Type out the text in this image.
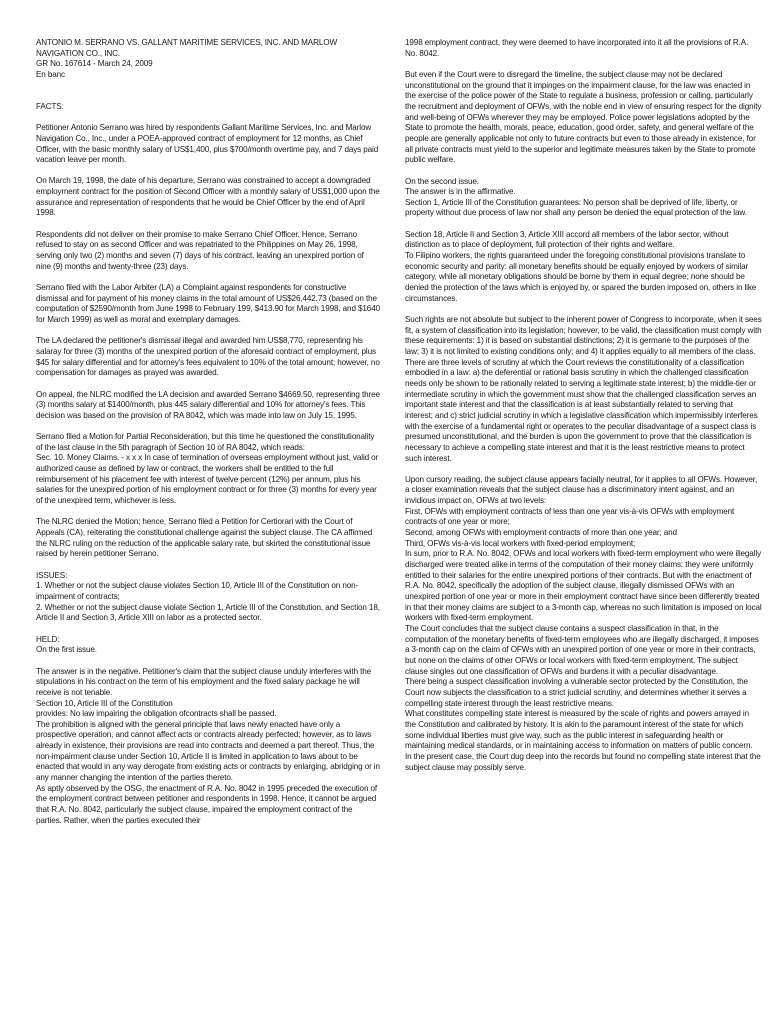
ANTONIO M. SERRANO VS. GALLANT MARITIME SERVICES, INC. AND MARLOW NAVIGATION CO., INC.

GR No. 167614 - March 24, 2009

En banc

FACTS:

Petitioner Antonio Serrano was hired by respondents Gallant Maritime Services, Inc. and Marlow Navigation Co., Inc., under a POEA-approved contract of employment for 12 months, as Chief Officer, with the basic monthly salary of US$1,400, plus $700/month overtime pay, and 7 days paid vacation leave per month.

On March 19, 1998, the date of his departure, Serrano was constrained to accept a downgraded employment contract for the position of Second Officer with a monthly salary of US$1,000 upon the assurance and representation of respondents that he would be Chief Officer by the end of April 1998.

Respondents did not deliver on their promise to make Serrano Chief Officer. Hence, Serrano refused to stay on as second Officer and was repatriated to the Philippines on May 26, 1998, serving only two (2) months and seven (7) days of his contract, leaving an unexpired portion of nine (9) months and twenty-three (23) days.

Serrano filed with the Labor Arbiter (LA) a Complaint against respondents for constructive dismissal and for payment of his money claims in the total amount of US$26,442.73 (based on the computation of $2590/month from June 1998 to February 199, $413.90 for March 1998, and $1640 for March 1999) as well as moral and exemplary damages.

The LA declared the petitioner's dismissal illegal and awarded him US$8,770, representing his salaray for three (3) months of the unexpired portion of the aforesaid contract of employment, plus $45 for salary differential and for attorney's fees equivalent to 10% of the total amount; however, no compensation for damages as prayed was awarded.

On appeal, the NLRC modified the LA decision and awarded Serrano $4669.50, representing three (3) months salary at $1400/month, plus 445 salary differential and 10% for attorney's fees. This decision was based on the provision of RA 8042, which was made into law on July 15, 1995.

Serrano filed a Motion for Partial Reconsideration, but this time he questioned the constitutionality of the last clause in the 5th paragraph of Section 10 of RA 8042, which reads:

Sec. 10. Money Claims. - x x x In case of termination of overseas employment without just, valid or authorized cause as defined by law or contract, the workers shall be entitled to the full reimbursement of his placement fee with interest of twelve percent (12%) per annum, plus his salaries for the unexpired portion of his employment contract or for three (3) months for every year of the unexpired term, whichever is less.

The NLRC denied the Motion; hence, Serrano filed a Petition for Certiorari with the Court of Appeals (CA), reiterating the constitutional challenge against the subject clause. The CA affirmed the NLRC ruling on the reduction of the applicable salary rate, but skirted the constitutional issue raised by herein petitioner Serrano.

ISSUES:

1. Whether or not the subject clause violates Section 10, Article III of the Constitution on non-impairment of contracts;

2. Whether or not the subject clause violate Section 1, Article III of the Constitution, and Section 18, Article II and Section 3, Article XIII on labor as a protected sector.

HELD:

On the first issue.

The answer is in the negative. Petitioner's claim that the subject clause unduly interferes with the stipulations in his contract on the term of his employment and the fixed salary package he will receive is not tenable.

Section 10, Article III of the Constitution

provides: No law impairing the obligation ofcontracts shall be passed.

The prohibition is aligned with the general principle that laws newly enacted have only a prospective operation, and cannot affect acts or contracts already perfected; however, as to laws already in existence, their provisions are read into contracts and deemed a part thereof. Thus, the non-impairment clause under Section 10, Article II is limited in application to laws about to be enacted that would in any way derogate from existing acts or contracts by enlarging, abridging or in any manner changing the intention of the parties thereto.

As aptly observed by the OSG, the enactment of R.A. No. 8042 in 1995 preceded the execution of the employment contract between petitioner and respondents in 1998. Hence, it cannot be argued that R.A. No. 8042, particularly the subject clause, impaired the employment contract of the parties. Rather, when the parties executed their

1998 employment contract, they were deemed to have incorporated into it all the provisions of R.A. No. 8042.

But even if the Court were to disregard the timeline, the subject clause may not be declared unconstitutional on the ground that it impinges on the impairment clause, for the law was enacted in the exercise of the police power of the State to regulate a business, profession or calling, particularly the recruitment and deployment of OFWs, with the noble end in view of ensuring respect for the dignity and well-being of OFWs wherever they may be employed. Police power legislations adopted by the State to promote the health, morals, peace, education, good order, safety, and general welfare of the people are generally applicable not only to future contracts but even to those already in existence, for all private contracts must yield to the superior and legitimate measures taken by the State to promote public welfare.

On the second issue.

The answer is in the affirmative.

Section 1, Article III of the Constitution guarantees: No person shall be deprived of life, liberty, or property without due process of law nor shall any person be denied the equal protection of the law.

Section 18, Article II and Section 3, Article XIII accord all members of the labor sector, without distinction as to place of deployment, full protection of their rights and welfare.

To Filipino workers, the rights guaranteed under the foregoing constitutional provisions translate to economic security and parity: all monetary benefits should be equally enjoyed by workers of similar category, while all monetary obligations should be borne by them in equal degree; none should be denied the protection of the laws which is enjoyed by, or spared the burden imposed on, others in like circumstances.

Such rights are not absolute but subject to the inherent power of Congress to incorporate, when it sees fit, a system of classification into its legislation; however, to be valid, the classification must comply with these requirements: 1) it is based on substantial distinctions; 2) it is germane to the purposes of the law; 3) it is not limited to existing conditions only; and 4) it applies equally to all members of the class.

There are three levels of scrutiny at which the Court reviews the constitutionality of a classification embodied in a law: a) the deferential or rational basis scrutiny in which the challenged classification needs only be shown to be rationally related to serving a legitimate state interest; b) the middle-tier or intermediate scrutiny in which the government must show that the challenged classification serves an important state interest and that the classification is at least substantially related to serving that interest; and c) strict judicial scrutiny in which a legislative classification which impermissibly interferes with the exercise of a fundamental right or operates to the peculiar disadvantage of a suspect class is presumed unconstitutional, and the burden is upon the government to prove that the classification is necessary to achieve a compelling state interest and that it is the least restrictive means to protect such interest.

Upon cursory reading, the subject clause appears facially neutral, for it applies to all OFWs. However, a closer examination reveals that the subject clause has a discriminatory intent against, and an invidious impact on, OFWs at two levels:

First, OFWs with employment contracts of less than one year vis-à-vis OFWs with employment contracts of one year or more;

Second, among OFWs with employment contracts of more than one year; and

Third, OFWs vis-à-vis local workers with fixed-period employment;

In sum, prior to R.A. No. 8042, OFWs and local workers with fixed-term employment who were illegally discharged were treated alike in terms of the computation of their money claims: they were uniformly entitled to their salaries for the entire unexpired portions of their contracts. But with the enactment of R.A. No. 8042, specifically the adoption of the subject clause, illegally dismissed OFWs with an unexpired portion of one year or more in their employment contract have since been differently treated in that their money claims are subject to a 3-month cap, whereas no such limitation is imposed on local workers with fixed-term employment.

The Court concludes that the subject clause contains a suspect classification in that, in the computation of the monetary benefits of fixed-term employees who are illegally discharged, it imposes a 3-month cap on the claim of OFWs with an unexpired portion of one year or more in their contracts, but none on the claims of other OFWs or local workers with fixed-term employment. The subject clause singles out one classification of OFWs and burdens it with a peculiar disadvantage.

There being a suspect classification involving a vulnerable sector protected by the Constitution, the Court now subjects the classification to a strict judicial scrutiny, and determines whether it serves a compelling state interest through the least restrictive means.

What constitutes compelling state interest is measured by the scale of rights and powers arrayed in the Constitution and calibrated by history. It is akin to the paramount interest of the state for which some individual liberties must give way, such as the public interest in safeguarding health or maintaining medical standards, or in maintaining access to information on matters of public concern.

In the present case, the Court dug deep into the records but found no compelling state interest that the subject clause may possibly serve.
